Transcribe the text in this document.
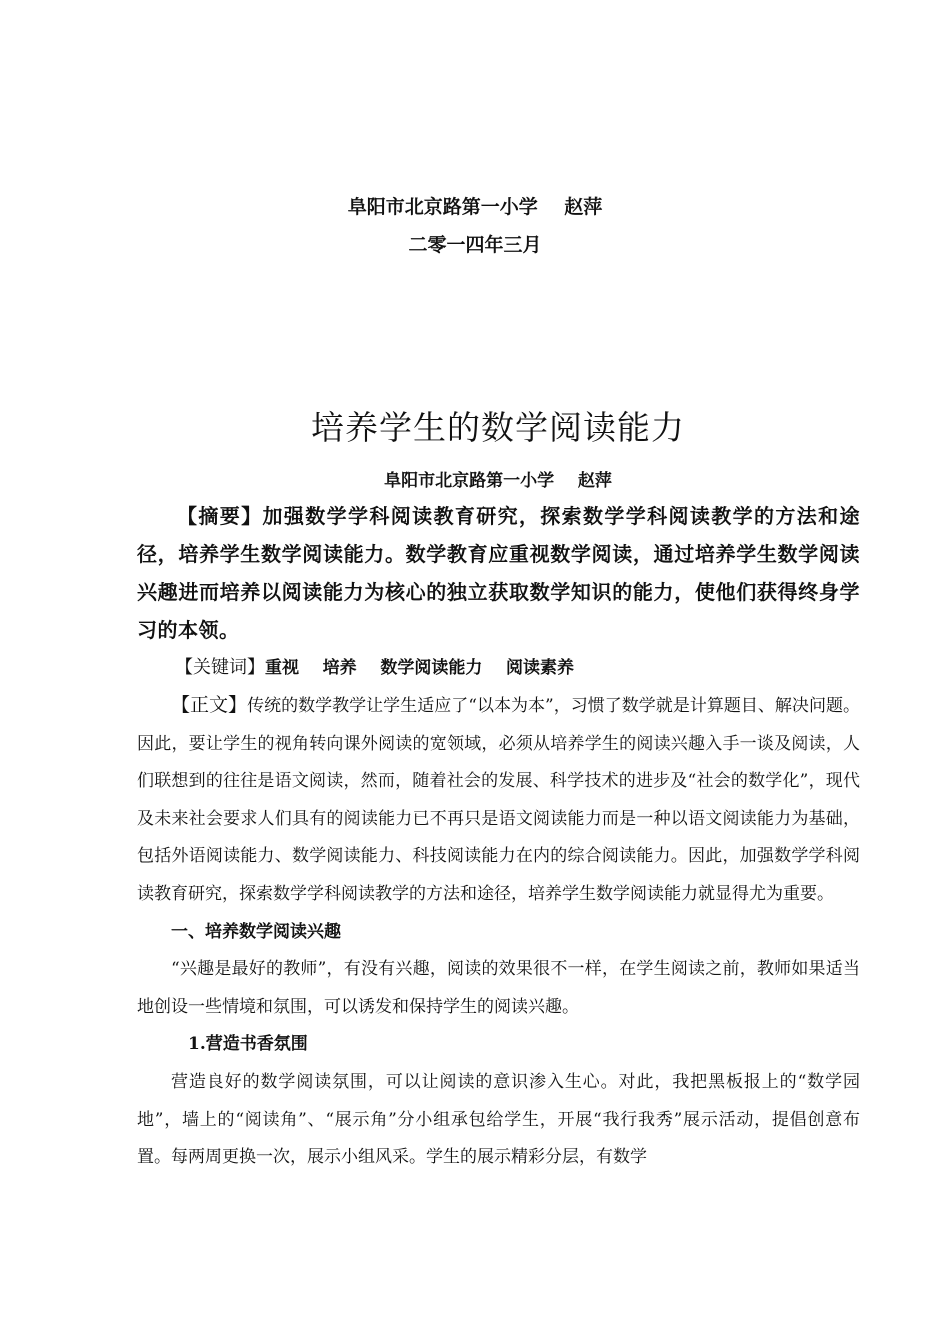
阜阳市北京路第一小学    赵萍
二零一四年三月
培养学生的数学阅读能力
阜阳市北京路第一小学    赵萍

【摘要】加强数学学科阅读教育研究，探索数学学科阅读教学的方法和途径，培养学生数学阅读能力。数学教育应重视数学阅读，通过培养学生数学阅读兴趣进而培养以阅读能力为核心的独立获取数学知识的能力，使他们获得终身学习的本领。

【关键词】重视    培养    数学阅读能力    阅读素养

【正文】传统的数学教学让学生适应了“以本为本”，习惯了数学就是计算题目、解决问题。因此，要让学生的视角转向课外阅读的宽领域，必须从培养学生的阅读兴趣入手一谈及阅读，人们联想到的往往是语文阅读，然而，随着社会的发展、科学技术的进步及“社会的数学化”，现代及未来社会要求人们具有的阅读能力已不再只是语文阅读能力而是一种以语文阅读能力为基础，包括外语阅读能力、数学阅读能力、科技阅读能力在内的综合阅读能力。因此，加强数学学科阅读教育研究，探索数学学科阅读教学的方法和途径，培养学生数学阅读能力就显得尤为重要。

一、培养数学阅读兴趣

“兴趣是最好的教师”，有没有兴趣，阅读的效果很不一样，在学生阅读之前，教师如果适当地创设一些情境和氛围，可以诱发和保持学生的阅读兴趣。

1.营造书香氛围

营造良好的数学阅读氛围，可以让阅读的意识渗入生心。对此，我把黑板报上的“数学园地”，墙上的“阅读角”、“展示角”分小组承包给学生，开展“我行我秀”展示活动，提倡创意布置。每两周更换一次，展示小组风采。学生的展示精彩分层，有数学
